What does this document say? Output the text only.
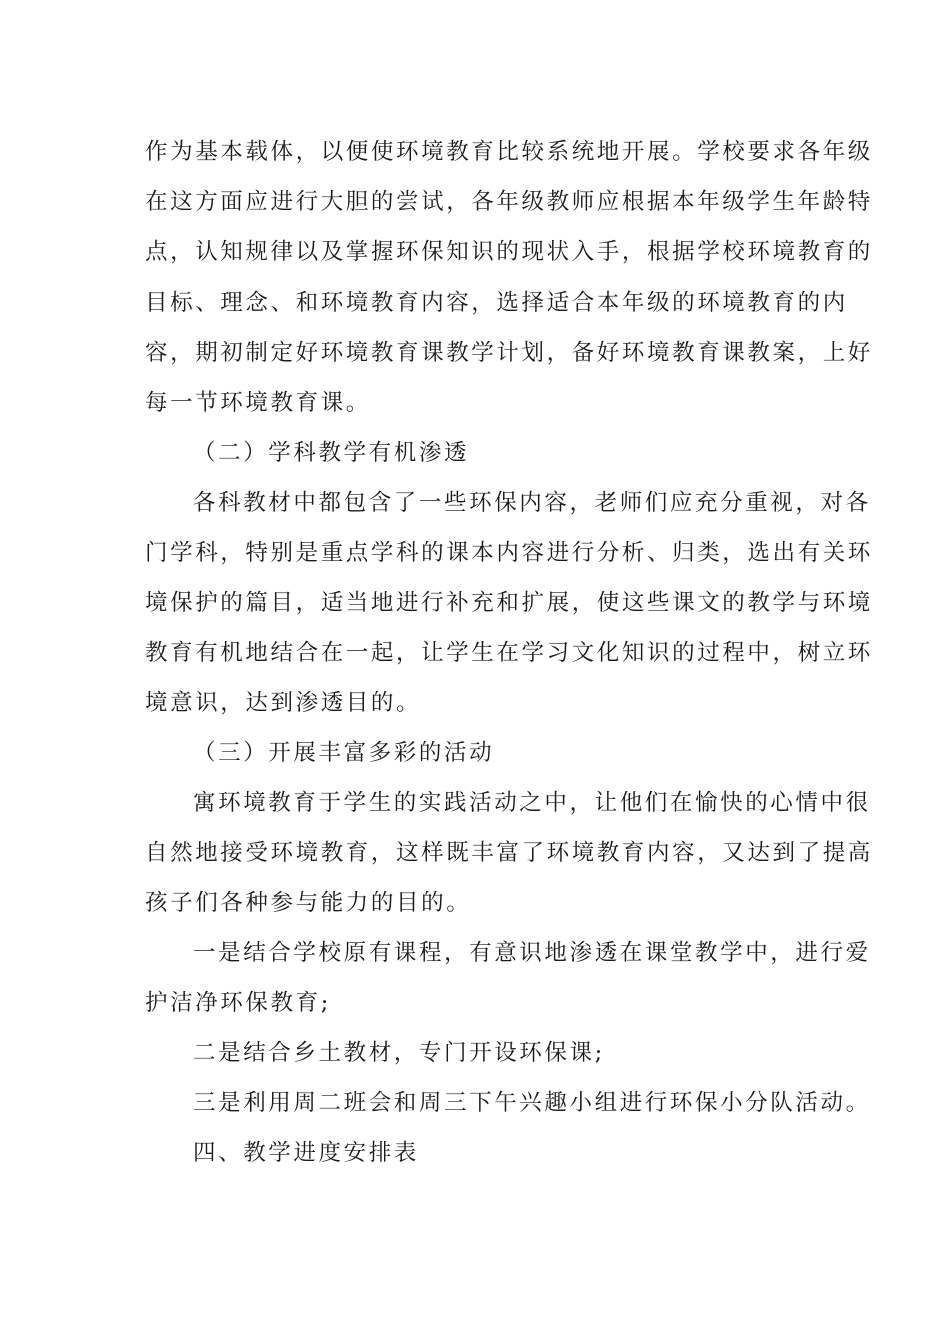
作为基本载体，以便使环境教育比较系统地开展。学校要求各年级
在这方面应进行大胆的尝试，各年级教师应根据本年级学生年龄特
点，认知规律以及掌握环保知识的现状入手，根据学校环境教育的
目标、理念、和环境教育内容，选择适合本年级的环境教育的内
容，期初制定好环境教育课教学计划，备好环境教育课教案，上好
每一节环境教育课。
（二）学科教学有机渗透
各科教材中都包含了一些环保内容，老师们应充分重视，对各
门学科，特别是重点学科的课本内容进行分析、归类，选出有关环
境保护的篇目，适当地进行补充和扩展，使这些课文的教学与环境
教育有机地结合在一起，让学生在学习文化知识的过程中，树立环
境意识，达到渗透目的。
（三）开展丰富多彩的活动
寓环境教育于学生的实践活动之中，让他们在愉快的心情中很
自然地接受环境教育，这样既丰富了环境教育内容，又达到了提高
孩子们各种参与能力的目的。
一是结合学校原有课程，有意识地渗透在课堂教学中，进行爱
护洁净环保教育;
二是结合乡土教材，专门开设环保课;
三是利用周二班会和周三下午兴趣小组进行环保小分队活动。
四、教学进度安排表
